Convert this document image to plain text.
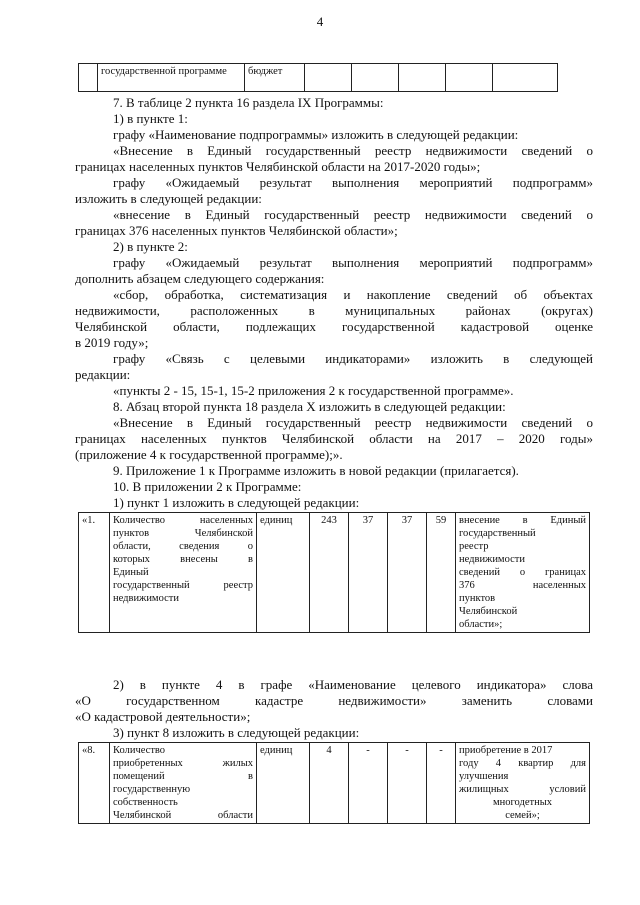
4
	государственной программе	бюджет					
7. В таблице 2 пункта 16 раздела IX Программы:
1) в пункте 1:
графу «Наименование подпрограммы» изложить в следующей редакции:
«Внесение в Единый государственный реестр недвижимости сведений о
границах населенных пунктов Челябинской области на 2017-2020 годы»;
графу «Ожидаемый результат выполнения мероприятий подпрограмм»
изложить в следующей редакции:
«внесение в Единый государственный реестр недвижимости сведений о
границах 376 населенных пунктов Челябинской области»;
2) в пункте 2:
графу «Ожидаемый результат выполнения мероприятий подпрограмм»
дополнить абзацем следующего содержания:
«сбор, обработка, систематизация и накопление сведений об объектах
недвижимости, расположенных в муниципальных районах (округах)
Челябинской области, подлежащих государственной кадастровой оценке
в 2019 году»;
графу «Связь с целевыми индикаторами» изложить в следующей
редакции:
«пункты 2 - 15, 15-1, 15-2 приложения 2 к государственной программе».
8. Абзац второй пункта 18 раздела X изложить в следующей редакции:
«Внесение в Единый государственный реестр недвижимости сведений о
границах населенных пунктов Челябинской области на 2017 – 2020 годы»
(приложение 4 к государственной программе);».
9. Приложение 1 к Программе изложить в новой редакции (прилагается).
10. В приложении 2 к Программе:
1) пункт 1 изложить в следующей редакции:
«1.	Количество населенных
пунктов Челябинской
области, сведения о
которых внесены в
Единый
государственный реестр
недвижимости
	единиц	243	37	37	59	внесение в Единый
государственный
реестр
недвижимости
сведений о границах
376 населенных
пунктов
Челябинской
области»;
2) в пункте 4 в графе «Наименование целевого индикатора» слова
«О государственном кадастре недвижимости» заменить словами
«О кадастровой деятельности»;
3) пункт 8 изложить в следующей редакции:
«8.	Количество
приобретенных жилых
помещений в
государственную
собственность
Челябинской области
	единиц	4	-	-	-	приобретение в 2017
году 4 квартир для
улучшения
жилищных условий
многодетных
семей»;
